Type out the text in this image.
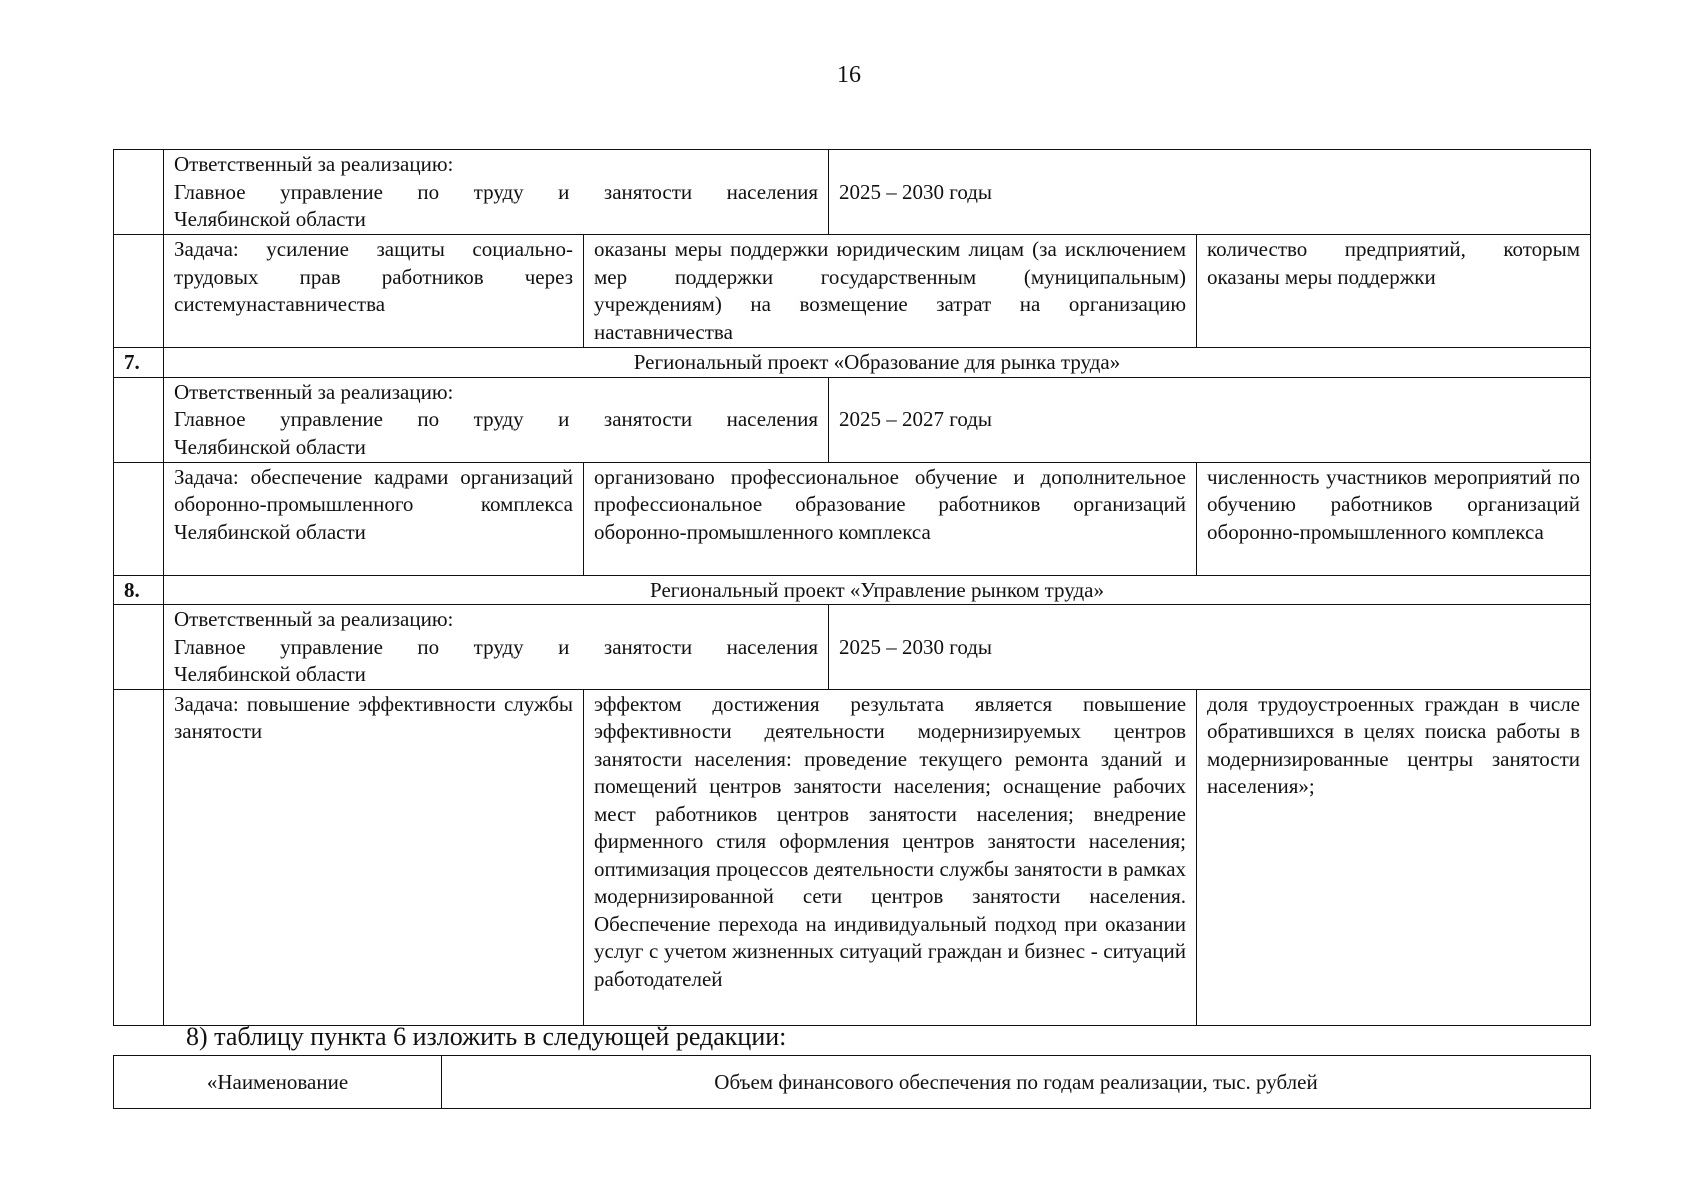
16

	Ответственный за реализацию:
Главное управление по труду и занятости населения
Челябинской области		2025 – 2030 годы	
	Задача: усиление защиты социально-трудовых прав работников через системунаставничества	оказаны меры поддержки юридическим лицам (за исключением мер поддержки государственным (муниципальным) учреждениям) на возмещение затрат на организацию наставничества		количество предприятий, которым оказаны меры поддержки
7.	Региональный проект «Образование для рынка труда»			

	Ответственный за реализацию:
Главное управление по труду и занятости населения
Челябинской области		2025 – 2027 годы	
	Задача: обеспечение кадрами организаций оборонно-промышленного комплекса Челябинской области	организовано профессиональное обучение и дополнительное профессиональное образование работников организаций оборонно-промышленного комплекса		численность участников мероприятий по обучению работников организаций оборонно-промышленного комплекса
8.	Региональный проект «Управление рынком труда»			

	Ответственный за реализацию:
Главное управление по труду и занятости населения
Челябинской области		2025 – 2030 годы	
	Задача: повышение эффективности службы занятости	эффектом достижения результата является повышение эффективности деятельности модернизируемых центров занятости населения: проведение текущего ремонта зданий и помещений центров занятости населения; оснащение рабочих мест работников центров занятости населения; внедрение фирменного стиля оформления центров занятости населения; оптимизация процессов деятельности службы занятости в рамках модернизированной сети центров занятости населения. Обеспечение перехода на индивидуальный подход при оказании услуг с учетом жизненных ситуаций граждан и бизнес - ситуаций работодателей		доля трудоустроенных граждан в числе обратившихся в целях поиска работы в модернизированные центры занятости населения»;
8) таблицу пункта 6 изложить в следующей редакции:
«Наименование	Объем финансового обеспечения по годам реализации, тыс. рублей
